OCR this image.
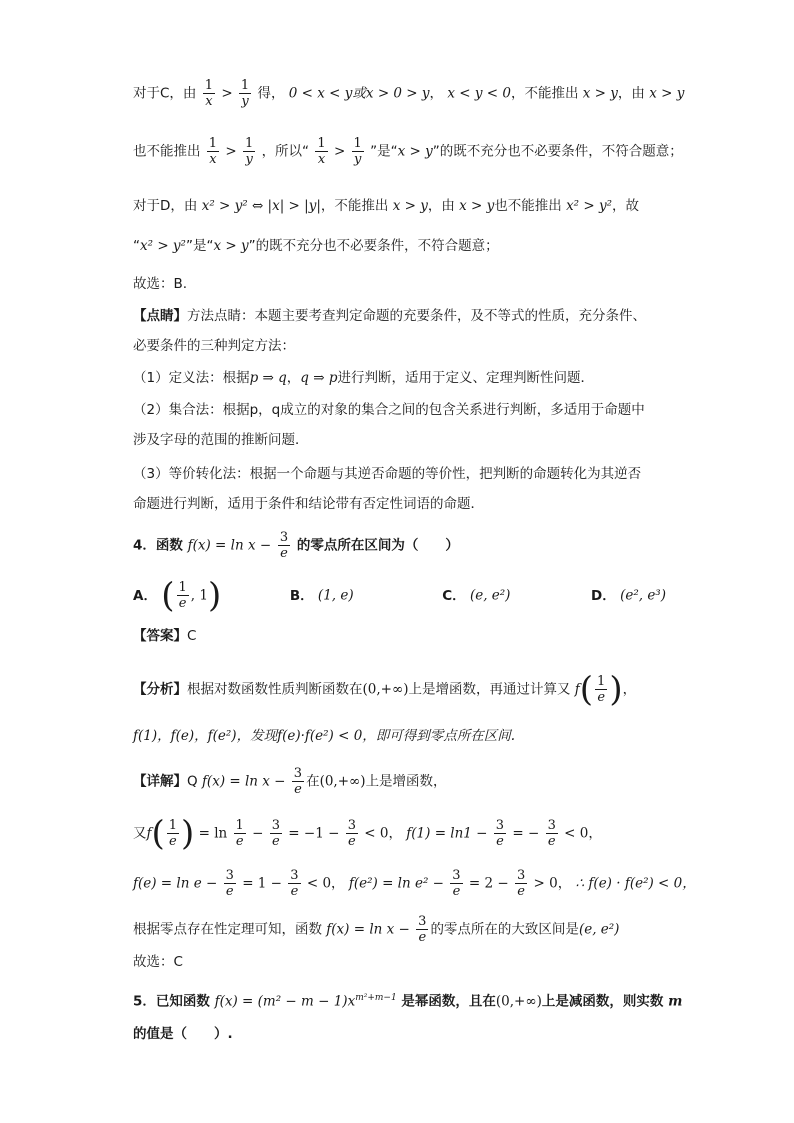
对于C，由 $\frac{1}{x} > \frac{1}{y}$ 得， 0 < x < y或x > 0 > y， x < y < 0，不能推出 x > y，由 x > y
也不能推出 $\frac{1}{x} > \frac{1}{y}$ ，所以“ $\frac{1}{x} > \frac{1}{y}$ ”是“x > y”的既不充分也不必要条件，不符合题意；
对于D，由 x² > y² ⇔ |x| > |y|，不能推出 x > y，由 x > y也不能推出 x² > y²，故
“x² > y²”是“x > y”的既不充分也不必要条件，不符合题意；
故选：B.
【点睛】方法点睛：本题主要考查判定命题的充要条件，及不等式的性质，充分条件、
必要条件的三种判定方法：
（1）定义法：根据p ⇒ q，q ⇒ p进行判断，适用于定义、定理判断性问题．
（2）集合法：根据p，q成立的对象的集合之间的包含关系进行判断，多适用于命题中
涉及字母的范围的推断问题．
（3）等价转化法：根据一个命题与其逆否命题的等价性，把判断的命题转化为其逆否
命题进行判断，适用于条件和结论带有否定性词语的命题．
4．函数 $f(x) = \ln x - \frac{3}{e}$ 的零点所在区间为（　　）
A． ( $\frac{1}{e}$ , 1)	B． (1, e)	C． (e, e²)	D． (e², e³)
【答案】C
【分析】根据对数函数性质判断函数在(0,+∞)上是增函数，再通过计算又 $f( \frac{1}{e}$ )，
f(1)，f(e)，f(e²)，发现f(e)·f(e²) < 0，即可得到零点所在区间.
【详解】Q $f(x) = \ln x - \frac{3}{e}$ 在(0,+∞)上是增函数，
又$f( \frac{1}{e}$ ) = $\ln \frac{1}{e} - \frac{3}{e} = -1 - \frac{3}{e} < 0$， $f(1) = \ln 1 - \frac{3}{e}$ = − $\frac{3}{e} < 0$，
$f(e) = \ln e - \frac{3}{e} = 1 - \frac{3}{e} < 0$， $f(e^2) = \ln e^2 - \frac{3}{e} = 2 - \frac{3}{e} > 0$， ∴ f(e) · f(e²) < 0，
根据零点存在性定理可知，函数 $f(x) = \ln x - \frac{3}{e}$ 的零点所在的大致区间是(e, e²)
故选：C
5．已知函数 $f(x) = (m^2 - m - 1)x^{m^2+m-1}$ 是幂函数，且在(0,+∞)上是减函数，则实数 m
的值是（　　）.
